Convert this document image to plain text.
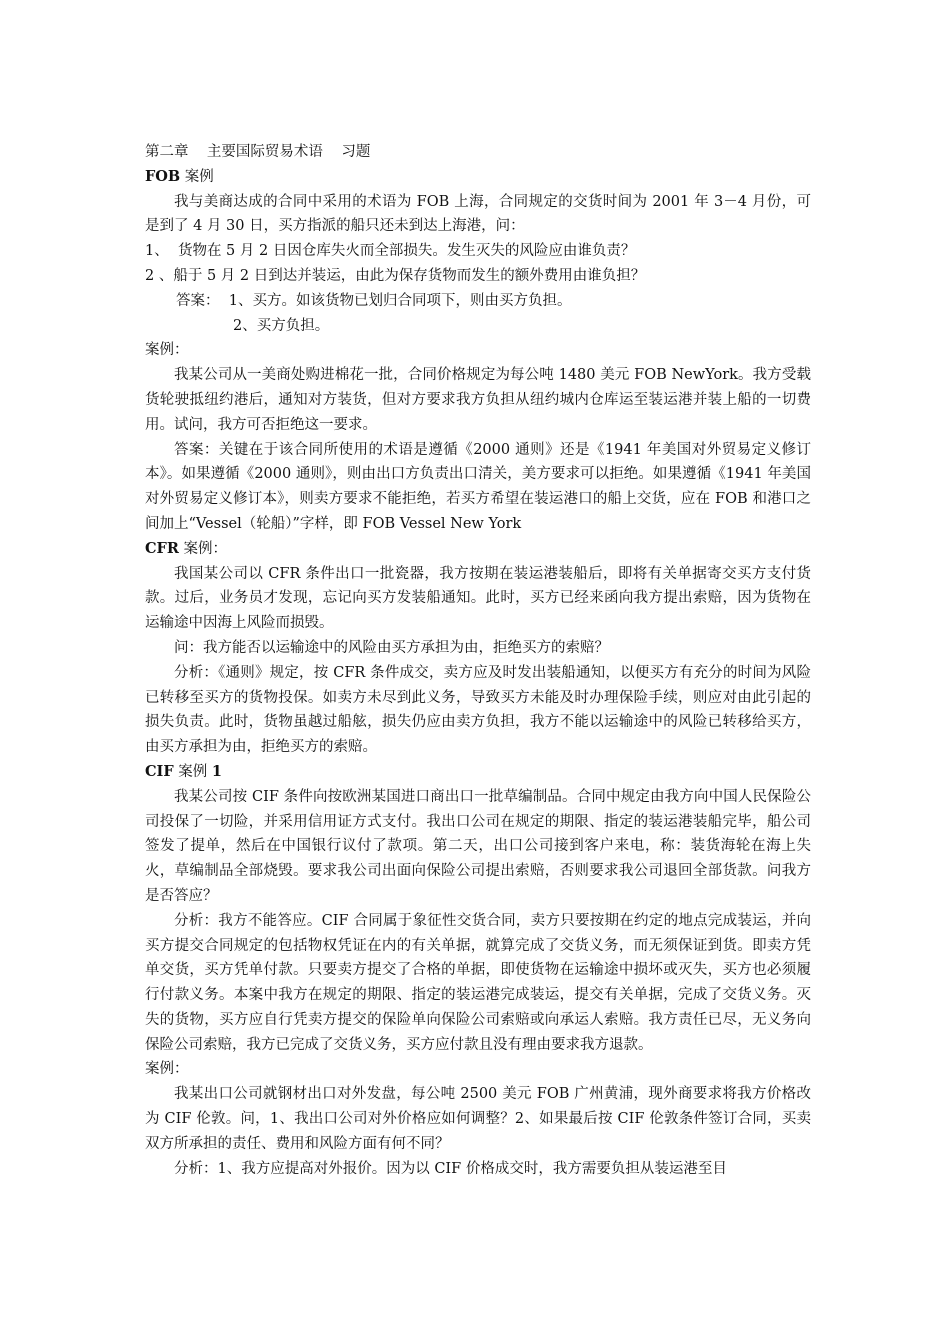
第二章    主要国际贸易术语    习题

FOB 案例

我与美商达成的合同中采用的术语为 FOB 上海，合同规定的交货时间为 2001 年 3－4 月份，可是到了 4 月 30 日，买方指派的船只还未到达上海港，问：

1、  货物在 5 月 2 日因仓库失火而全部损失。发生灭失的风险应由谁负责？

2 、船于 5 月 2 日到达并装运，由此为保存货物而发生的额外费用由谁负担？

答案：  1、买方。如该货物已划归合同项下，则由买方负担。

2、买方负担。

案例：

我某公司从一美商处购进棉花一批，合同价格规定为每公吨 1480 美元 FOB NewYork。我方受载货轮驶抵纽约港后，通知对方装货，但对方要求我方负担从纽约城内仓库运至装运港并装上船的一切费用。试问，我方可否拒绝这一要求。

答案：关键在于该合同所使用的术语是遵循《2000 通则》还是《1941 年美国对外贸易定义修订本》。如果遵循《2000 通则》，则由出口方负责出口清关，美方要求可以拒绝。如果遵循《1941 年美国对外贸易定义修订本》，则卖方要求不能拒绝，若买方希望在装运港口的船上交货，应在 FOB 和港口之间加上“Vessel（轮船）”字样，即 FOB Vessel New York

CFR 案例：

我国某公司以 CFR 条件出口一批瓷器，我方按期在装运港装船后，即将有关单据寄交买方支付货款。过后，业务员才发现，忘记向买方发装船通知。此时，买方已经来函向我方提出索赔，因为货物在运输途中因海上风险而损毁。

问：我方能否以运输途中的风险由买方承担为由，拒绝买方的索赔？

分析：《通则》规定，按 CFR 条件成交，卖方应及时发出装船通知，以便买方有充分的时间为风险已转移至买方的货物投保。如卖方未尽到此义务，导致买方未能及时办理保险手续，则应对由此引起的损失负责。此时，货物虽越过船舷，损失仍应由卖方负担，我方不能以运输途中的风险已转移给买方，由买方承担为由，拒绝买方的索赔。

CIF 案例 1

我某公司按 CIF 条件向按欧洲某国进口商出口一批草编制品。合同中规定由我方向中国人民保险公司投保了一切险，并采用信用证方式支付。我出口公司在规定的期限、指定的装运港装船完毕，船公司签发了提单，然后在中国银行议付了款项。第二天，出口公司接到客户来电，称：装货海轮在海上失火，草编制品全部烧毁。要求我公司出面向保险公司提出索赔，否则要求我公司退回全部货款。问我方是否答应？

分析：我方不能答应。CIF 合同属于象征性交货合同，卖方只要按期在约定的地点完成装运，并向买方提交合同规定的包括物权凭证在内的有关单据，就算完成了交货义务，而无须保证到货。即卖方凭单交货，买方凭单付款。只要卖方提交了合格的单据，即使货物在运输途中损坏或灭失，买方也必须履行付款义务。本案中我方在规定的期限、指定的装运港完成装运，提交有关单据，完成了交货义务。灭失的货物，买方应自行凭卖方提交的保险单向保险公司索赔或向承运人索赔。我方责任已尽，无义务向保险公司索赔，我方已完成了交货义务，买方应付款且没有理由要求我方退款。

案例：

我某出口公司就钢材出口对外发盘，每公吨 2500 美元 FOB 广州黄浦，现外商要求将我方价格改为 CIF 伦敦。问，1、我出口公司对外价格应如何调整？2、如果最后按 CIF 伦敦条件签订合同，买卖双方所承担的责任、费用和风险方面有何不同？

分析：1、我方应提高对外报价。因为以 CIF 价格成交时，我方需要负担从装运港至目
